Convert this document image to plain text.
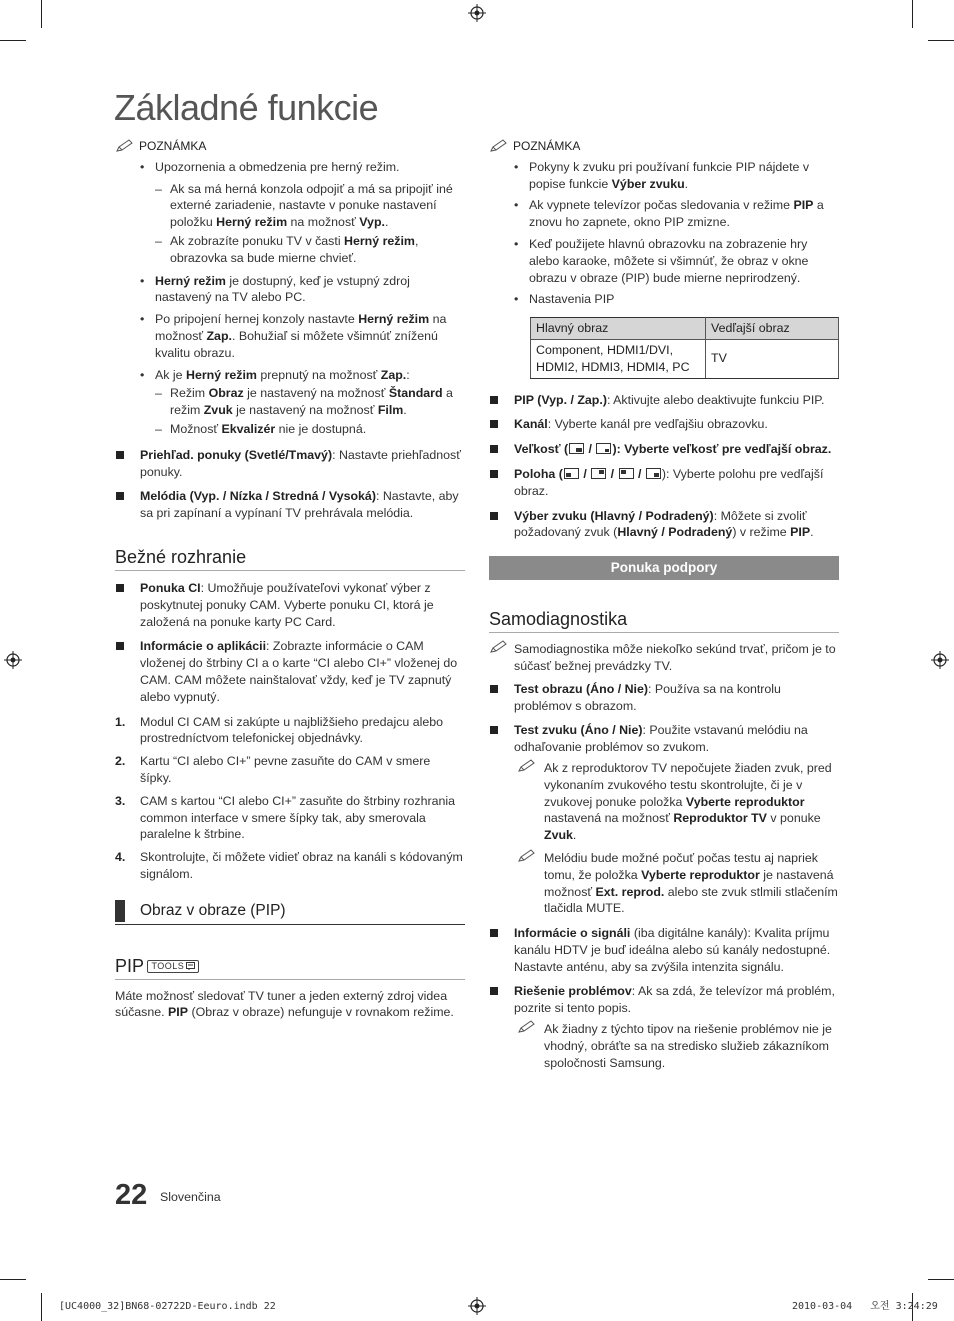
Základné funkcie
POZNÁMKA
• Upozornenia a obmedzenia pre herný režim.
– Ak sa má herná konzola odpojiť a má sa pripojiť iné externé zariadenie, nastavte v ponuke nastavení položku Herný režim na možnosť Vyp..
– Ak zobrazíte ponuku TV v časti Herný režim, obrazovka sa bude mierne chvieť.
• Herný režim je dostupný, keď je vstupný zdroj nastavený na TV alebo PC.
• Po pripojení hernej konzoly nastavte Herný režim na možnosť Zap.. Bohužiaľ si môžete všimnúť zníženú kvalitu obrazu.
• Ak je Herný režim prepnutý na možnosť Zap.:
– Režim Obraz je nastavený na možnosť Štandard a režim Zvuk je nastavený na možnosť Film.
– Možnosť Ekvalizér nie je dostupná.
Priehľad. ponuky (Svetlé/Tmavý): Nastavte priehľadnosť ponuky.
Melódia (Vyp. / Nízka / Stredná / Vysoká): Nastavte, aby sa pri zapínaní a vypínaní TV prehrávala melódia.
Bežné rozhranie
Ponuka CI: Umožňuje používateľovi vykonať výber z poskytnutej ponuky CAM. Vyberte ponuku CI, ktorá je založená na ponuke karty PC Card.
Informácie o aplikácii: Zobrazte informácie o CAM vloženej do štrbiny CI a o karte “CI alebo CI+” vloženej do CAM. CAM môžete nainštalovať vždy, keď je TV zapnutý alebo vypnutý.
1. Modul CI CAM si zakúpte u najbližšieho predajcu alebo prostredníctvom telefonickej objednávky.
2. Kartu “CI alebo CI+” pevne zasuňte do CAM v smere šípky.
3. CAM s kartou “CI alebo CI+” zasuňte do štrbiny rozhrania common interface v smere šípky tak, aby smerovala paralelne k štrbine.
4. Skontrolujte, či môžete vidieť obraz na kanáli s kódovaným signálom.
Obraz v obraze (PIP)
PIP TOOLS
Máte možnosť sledovať TV tuner a jeden externý zdroj videa súčasne. PIP (Obraz v obraze) nefunguje v rovnakom režime.
POZNÁMKA
• Pokyny k zvuku pri používaní funkcie PIP nájdete v popise funkcie Výber zvuku.
• Ak vypnete televízor počas sledovania v režime PIP a znovu ho zapnete, okno PIP zmizne.
• Keď použijete hlavnú obrazovku na zobrazenie hry alebo karaoke, môžete si všimnúť, že obraz v okne obrazu v obraze (PIP) bude mierne neprirodzený.
• Nastavenia PIP
Hlavný obraz	Vedľajší obraz
Component, HDMI1/DVI, HDMI2, HDMI3, HDMI4, PC	TV
PIP (Vyp. / Zap.): Aktivujte alebo deaktivujte funkciu PIP.
Kanál: Vyberte kanál pre vedľajšiu obrazovku.
Veľkosť (
/
): Vyberte veľkosť pre vedľajší obraz.
Poloha (
/
/
/
): Vyberte polohu pre vedľajší obraz.
Výber zvuku (Hlavný / Podradený): Môžete si zvoliť požadovaný zvuk (Hlavný / Podradený) v režime PIP.
Ponuka podpory
Samodiagnostika
Samodiagnostika môže niekoľko sekúnd trvať, pričom je to súčasť bežnej prevádzky TV.
Test obrazu (Áno / Nie): Používa sa na kontrolu problémov s obrazom.
Test zvuku (Áno / Nie): Použite vstavanú melódiu na odhaľovanie problémov so zvukom.
Ak z reproduktorov TV nepočujete žiaden zvuk, pred vykonaním zvukového testu skontrolujte, či je v zvukovej ponuke položka Vyberte reproduktor nastavená na možnosť Reproduktor TV v ponuke Zvuk.
Melódiu bude možné počuť počas testu aj napriek tomu, že položka Vyberte reproduktor je nastavená možnosť Ext. reprod. alebo ste zvuk stlmili stlačením tlačidla MUTE.
Informácie o signáli (iba digitálne kanály): Kvalita príjmu kanálu HDTV je buď ideálna alebo sú kanály nedostupné. Nastavte anténu, aby sa zvýšila intenzita signálu.
Riešenie problémov: Ak sa zdá, že televízor má problém, pozrite si tento popis.
Ak žiadny z týchto tipov na riešenie problémov nie je vhodný, obráťte sa na stredisko služieb zákazníkom spoločnosti Samsung.
22 Slovenčina
[UC4000_32]BN68-02722D-Eeuro.indb 22	2010-03-04   오전 3:24:29
